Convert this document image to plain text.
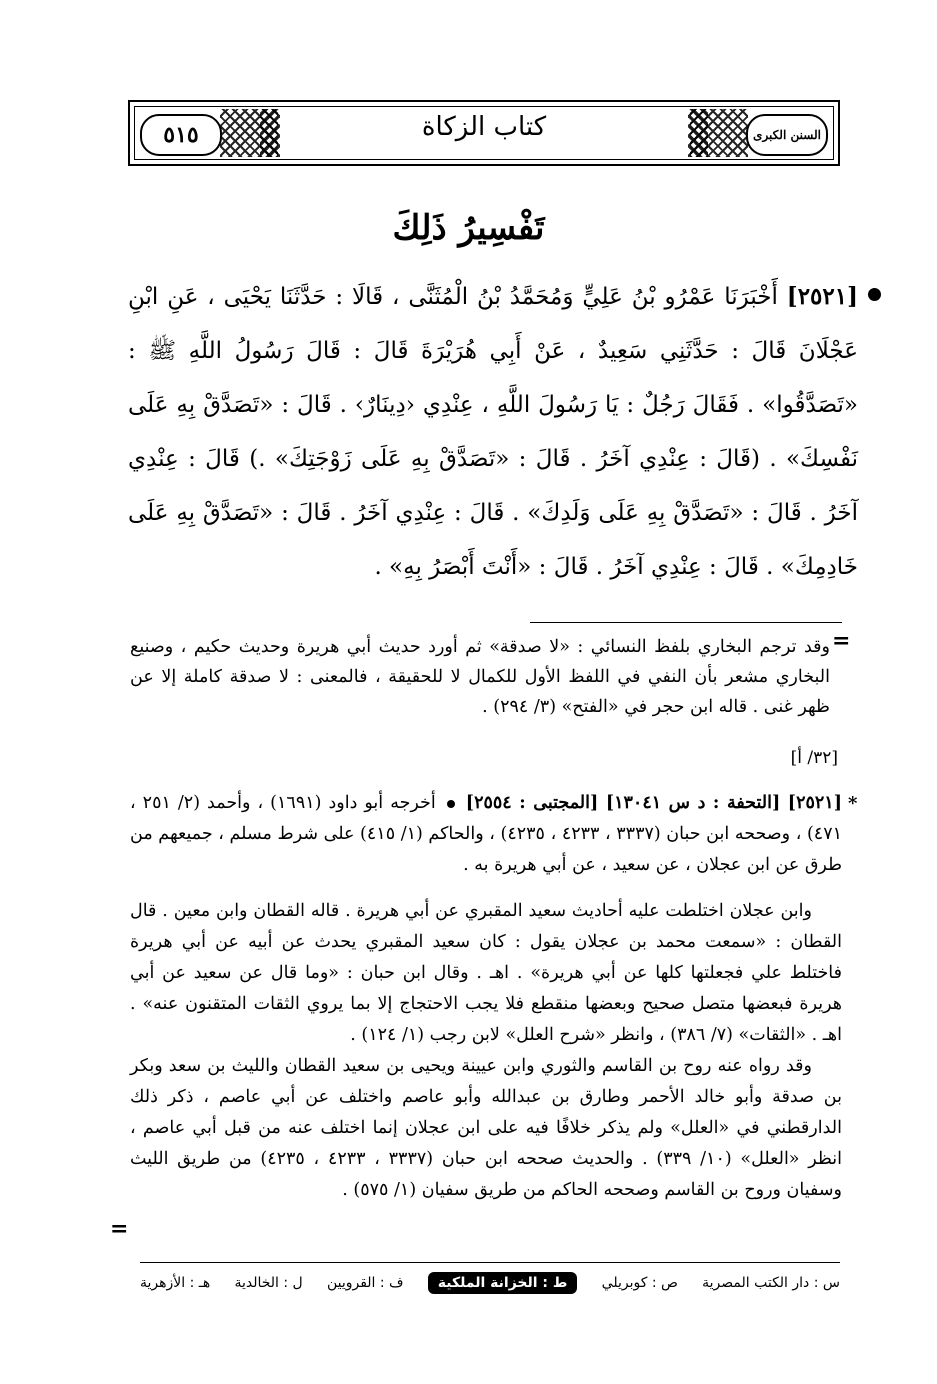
٥١٥	كتاب الزكاة	السنن الكبرى
تَفْسِيرُ ذَلِكَ
[٢٥٢١] أَخْبَرَنَا عَمْرُو بْنُ عَلِيٍّ وَمُحَمَّدُ بْنُ الْمُثَنَّى ، قَالَا : حَدَّثَنَا يَحْيَى ، عَنِ ابْنِ عَجْلَانَ قَالَ : حَدَّثَنِي سَعِيدٌ ، عَنْ أَبِي هُرَيْرَةَ قَالَ : قَالَ رَسُولُ اللَّهِ ﷺ : «تَصَدَّقُوا» . فَقَالَ رَجُلٌ : يَا رَسُولَ اللَّهِ ، عِنْدِي ‹دِينَارٌ› . قَالَ : «تَصَدَّقْ بِهِ عَلَى نَفْسِكَ» . (قَالَ : عِنْدِي آخَرُ . قَالَ : «تَصَدَّقْ بِهِ عَلَى زَوْجَتِكَ» .) قَالَ : عِنْدِي آخَرُ . قَالَ : «تَصَدَّقْ بِهِ عَلَى وَلَدِكَ» . قَالَ : عِنْدِي آخَرُ . قَالَ : «تَصَدَّقْ بِهِ عَلَى خَادِمِكَ» . قَالَ : عِنْدِي آخَرُ . قَالَ : «أَنْتَ أَبْصَرُ بِهِ» .
=
وقد ترجم البخاري بلفظ النسائي : «لا صدقة» ثم أورد حديث أبي هريرة وحديث حكيم ، وصنيع البخاري مشعر بأن النفي في اللفظ الأول للكمال لا للحقيقة ، فالمعنى : لا صدقة كاملة إلا عن ظهر غنى . قاله ابن حجر في «الفتح» (٣/ ٢٩٤) .
[٣٢/ أ]
*

[٢٥٢١] [التحفة : د س ١٣٠٤١] [المجتبى : ٢٥٥٤]  أخرجه أبو داود (١٦٩١) ، وأحمد (٢/ ٢٥١ ، ٤٧١) ، وصححه ابن حبان (٣٣٣٧ ، ٤٢٣٣ ، ٤٢٣٥) ، والحاكم (١/ ٤١٥) على شرط مسلم ، جميعهم من طرق عن ابن عجلان ، عن سعيد ، عن أبي هريرة به .

وابن عجلان اختلطت عليه أحاديث سعيد المقبري عن أبي هريرة . قاله القطان وابن معين . قال القطان : «سمعت محمد بن عجلان يقول : كان سعيد المقبري يحدث عن أبيه عن أبي هريرة فاختلط علي فجعلتها كلها عن أبي هريرة» . اهـ . وقال ابن حبان : «وما قال عن سعيد عن أبي هريرة فبعضها متصل صحيح وبعضها منقطع فلا يجب الاحتجاج إلا بما يروي الثقات المتقنون عنه» . اهـ . «الثقات» (٧/ ٣٨٦) ، وانظر «شرح العلل» لابن رجب (١/ ١٢٤) .

وقد رواه عنه روح بن القاسم والثوري وابن عيينة ويحيى بن سعيد القطان والليث بن سعد وبكر بن صدقة وأبو خالد الأحمر وطارق بن عبدالله وأبو عاصم واختلف عن أبي عاصم ، ذكر ذلك الدارقطني في «العلل» ولم يذكر خلافًا فيه على ابن عجلان إنما اختلف عنه من قبل أبي عاصم ، انظر «العلل» (١٠/ ٣٣٩) . والحديث صححه ابن حبان (٣٣٣٧ ، ٤٢٣٣ ، ٤٢٣٥) من طريق الليث وسفيان وروح بن القاسم وصححه الحاكم من طريق سفيان (١/ ٥٧٥) .

=
س : دار الكتب المصرية
ص : كوبريلي
ط : الخزانة الملكية
ف : القرويين
ل : الخالدية
هـ : الأزهرية
